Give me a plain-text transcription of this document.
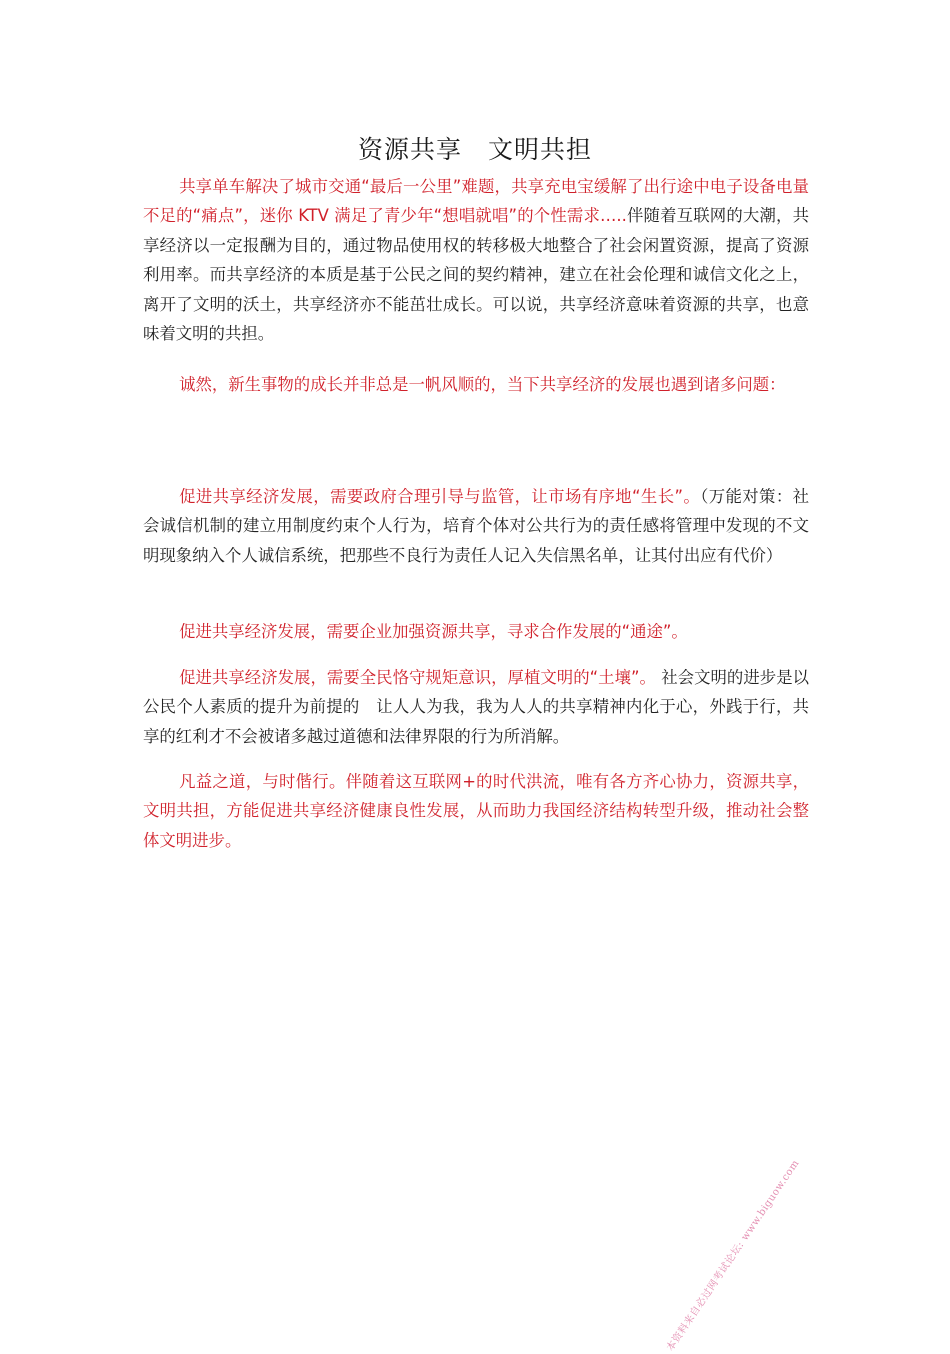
资源共享　文明共担

共享单车解决了城市交通“最后一公里”难题，共享充电宝缓解了出行途中电子设备电量不足的“痛点”，迷你 KTV 满足了青少年“想唱就唱”的个性需求…..伴随着互联网的大潮，共享经济以一定报酬为目的，通过物品使用权的转移极大地整合了社会闲置资源，提高了资源利用率。而共享经济的本质是基于公民之间的契约精神，建立在社会伦理和诚信文化之上，离开了文明的沃土，共享经济亦不能茁壮成长。可以说，共享经济意味着资源的共享，也意味着文明的共担。

诚然，新生事物的成长并非总是一帆风顺的，当下共享经济的发展也遇到诸多问题：

促进共享经济发展，需要政府合理引导与监管，让市场有序地“生长”。（万能对策：社会诚信机制的建立用制度约束个人行为，培育个体对公共行为的责任感将管理中发现的不文明现象纳入个人诚信系统，把那些不良行为责任人记入失信黑名单，让其付出应有代价）

促进共享经济发展，需要企业加强资源共享，寻求合作发展的“通途”。

促进共享经济发展，需要全民恪守规矩意识，厚植文明的“土壤”。 社会文明的进步是以公民个人素质的提升为前提的　让人人为我，我为人人的共享精神内化于心，外践于行，共享的红利才不会被诸多越过道德和法律界限的行为所消解。

凡益之道，与时偕行。伴随着这互联网+的时代洪流，唯有各方齐心协力，资源共享，文明共担，方能促进共享经济健康良性发展，从而助力我国经济结构转型升级，推动社会整体文明进步。

本资料来自必过网考试论坛: www.biguow.com
